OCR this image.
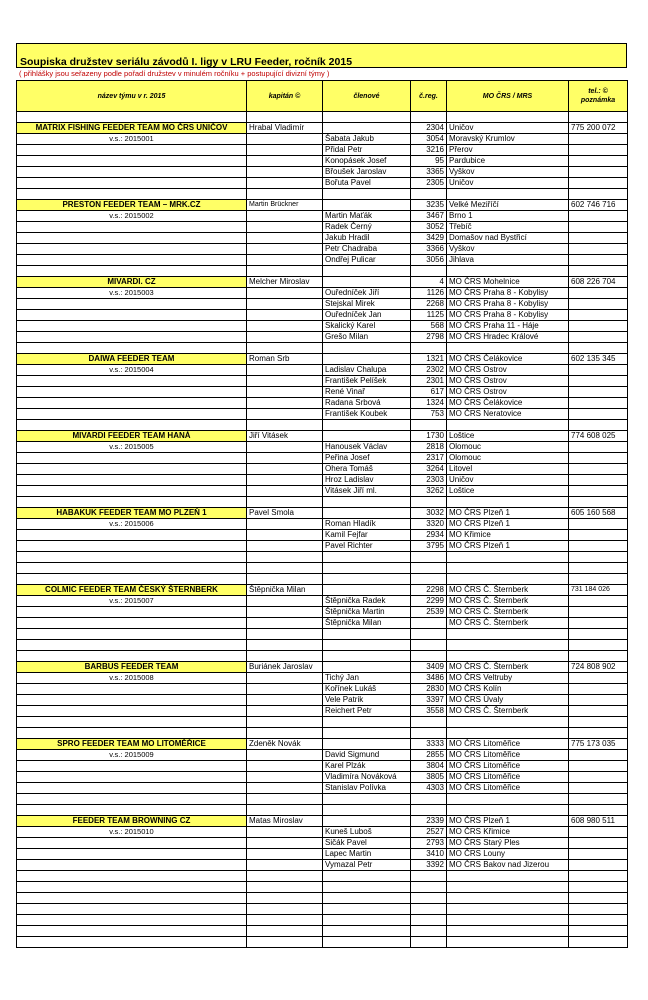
Soupiska družstev seriálu závodů I. ligy v LRU Feeder, ročník 2015
( přihlášky jsou seřazeny podle pořadí družstev v minulém ročníku + postupující divizní týmy )
název týmu v r. 2015	kapitán ©	členové	č.reg.	MO ČRS / MRS	tel.: © poznámka

MATRIX FISHING FEEDER TEAM MO ČRS UNIČOV	Hrabal Vladimír		2304	Uničov	775 200 072
v.s.: 2015001		Šabata Jakub	3054	Moravský Krumlov	
		Přidal Petr	3216	Přerov	
		Konopásek Josef	95	Pardubice	
		Břoušek Jaroslav	3365	Vyškov	
		Bořuta Pavel	2305	Uničov	

PRESTON FEEDER TEAM – MRK.CZ	Martin Brückner		3235	Velké Meziříčí	602 746 716
v.s.: 2015002		Martin Maťák	3467	Brno 1	
		Radek Černý	3052	Třebíč	
		Jakub Hradil	3429	Domašov nad Bystřicí	
		Petr Chadraba	3366	Vyškov	
		Ondřej Pulicar	3056	Jihlava	

MIVARDI. CZ	Melcher Miroslav		4	MO ČRS Mohelnice	608 226 704
v.s.: 2015003		Ouředníček Jiří	1126	MO ČRS Praha 8 - Kobylisy	
		Stejskal Mirek	2268	MO ČRS Praha 8 - Kobylisy	
		Ouředníček Jan	1125	MO ČRS Praha 8 - Kobylisy	
		Skalický Karel	568	MO ČRS Praha 11 - Háje	
		Grešo Milan	2798	MO ČRS Hradec Králové	

DAIWA FEEDER TEAM	Roman Srb		1321	MO ČRS Čelákovice	602 135 345
v.s.: 2015004		Ladislav Chalupa	2302	MO ČRS Ostrov	
		František Pelíšek	2301	MO ČRS Ostrov	
		René Vinař	617	MO ČRS Ostrov	
		Radana Srbová	1324	MO ČRS Čelákovice	
		František Koubek	753	MO ČRS Neratovice	

MIVARDI FEEDER TEAM HANÁ	Jiří Vitásek		1730	Loštice	774 608 025
v.s.: 2015005		Hanousek Václav	2818	Olomouc	
		Peřina Josef	2317	Olomouc	
		Ohera Tomáš	3264	Litovel	
		Hroz Ladislav	2303	Uničov	
		Vitásek Jiří ml.	3262	Loštice	

HABAKUK FEEDER TEAM MO PLZEŇ 1	Pavel Smola		3032	MO ČRS Plzeň 1	605 160 568
v.s.: 2015006		Roman Hladík	3320	MO ČRS Plzeň 1	
		Kamil Fejfar	2934	MO Křimice	
		Pavel Richter	3795	MO ČRS Plzeň 1	

COLMIC FEEDER TEAM ČESKÝ ŠTERNBERK	Štěpnička Milan		2298	MO ČRS Č. Šternberk	731 184 026
v.s.: 2015007		Štěpnička Radek	2299	MO ČRS Č. Šternberk	
		Štěpnička Martin	2539	MO ČRS Č. Šternberk	
		Štěpnička Milan		MO ČRS Č. Šternberk	

BARBUS FEEDER TEAM	Buriánek Jaroslav		3409	MO ČRS Č. Šternberk	724 808 902
v.s.: 2015008		Tichý Jan	3486	MO ČRS Veltruby	
		Kořínek Lukáš	2830	MO ČRS Kolín	
		Vele Patrik	3397	MO ČRS Úvaly	
		Reichert Petr	3558	MO ČRS Č. Šternberk	

SPRO FEEDER TEAM MO LITOMĚŘICE	Zdeněk Novák		3333	MO ČRS Litoměřice	775 173 035
v.s.: 2015009		David Sigmund	2855	MO ČRS Litoměřice	
		Karel Plzák	3804	MO ČRS Litoměřice	
		Vladimíra Nováková	3805	MO ČRS Litoměřice	
		Stanislav Polívka	4303	MO ČRS Litoměřice	

FEEDER TEAM BROWNING CZ	Matas Miroslav		2339	MO ČRS Plzeň 1	608 980 511
v.s.: 2015010		Kuneš Luboš	2527	MO ČRS Křimice	
		Sičák Pavel	2793	MO ČRS Starý Ples	
		Lapec Martin	3410	MO ČRS Louny	
		Vymazal Petr	3392	MO ČRS Bakov nad Jizerou	
